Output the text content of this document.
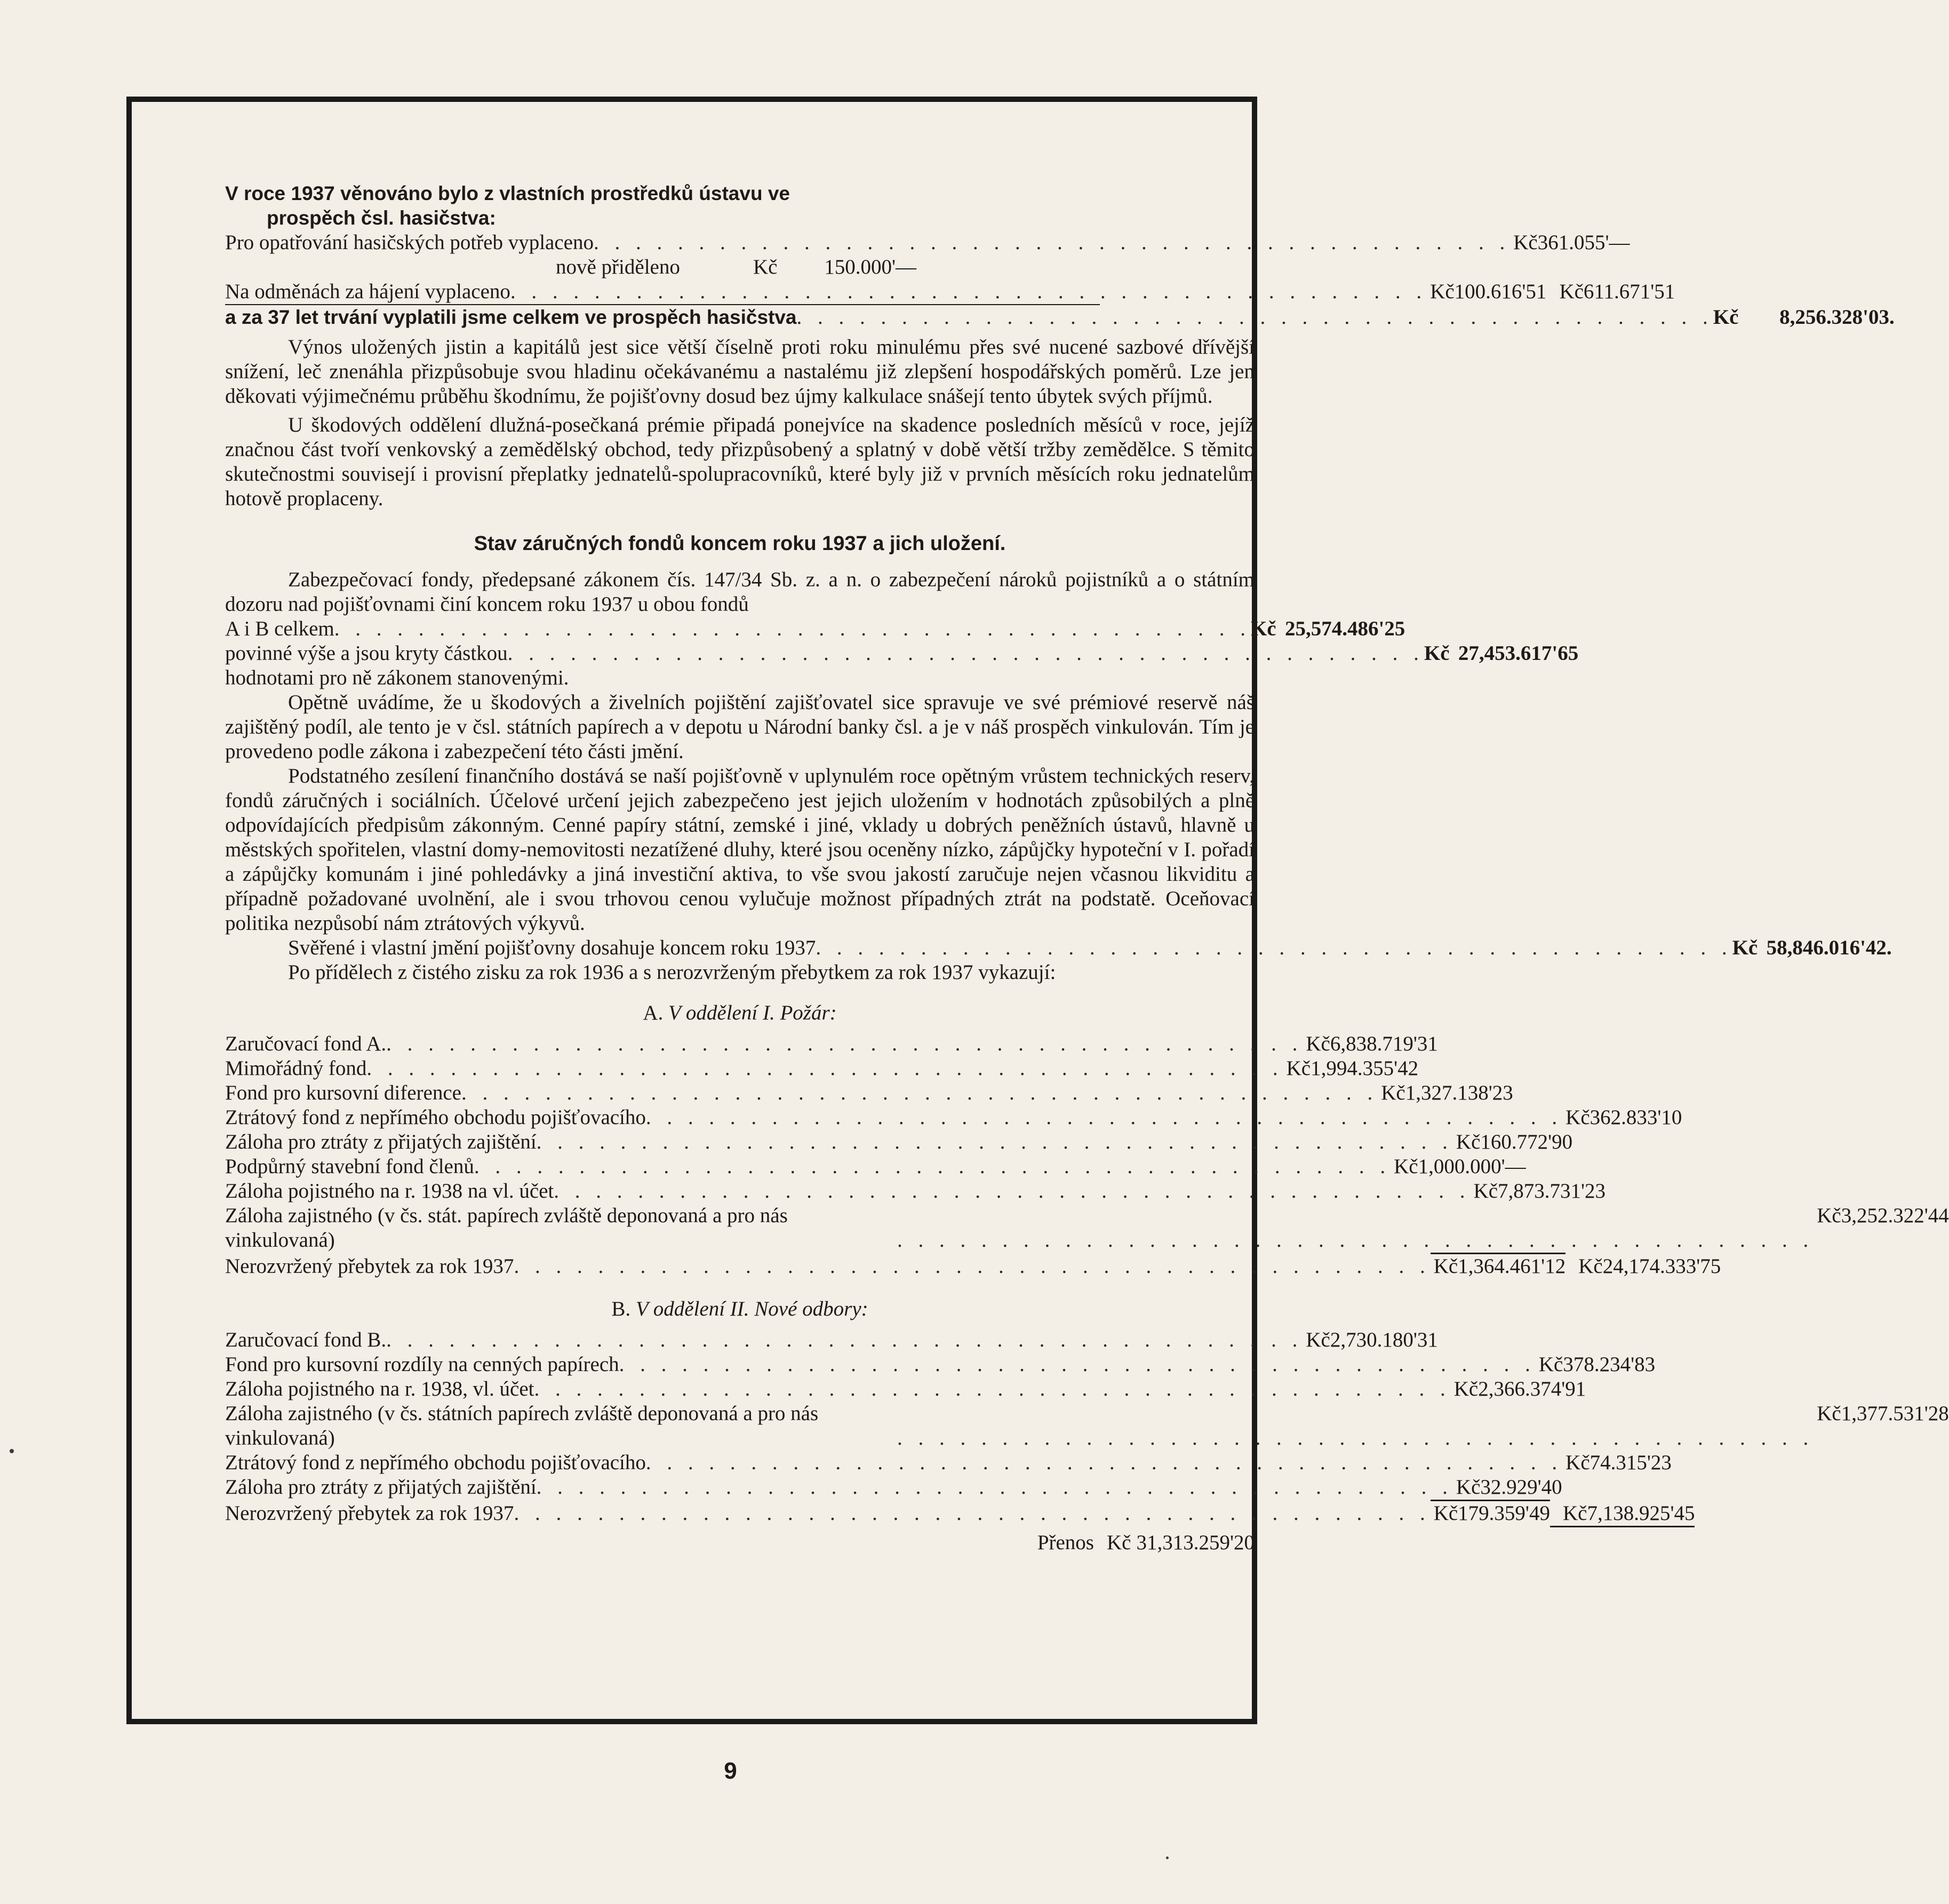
V roce 1937 věnováno bylo z vlastních prostředků ústavu ve
prospěch čsl. hasičstva:
Pro opatřování hasičských potřeb vyplaceno . . . . . . . . . . . . . . . . . . . . . . . . . . . . . . . . . . . . . . . . . . . . Kč 361.055'—
nově přiděleno	Kč	150.000'—
Na odměnách za hájení vyplaceno . . . . . . . . . . . . . . . . . . . . . . . . . . . . . . . . . . . . . . . . . . . . Kč 100.616'51 Kč 611.671'51
a za 37 let trvání vyplatili jsme celkem ve prospěch hasičstva . . . . . . . . . . . . . . . . . . . . . . . . . . . . . . . . . . . . . . . . . . . . Kč	8,256.328'03.

Výnos uložených jistin a kapitálů jest sice větší číselně proti roku minulému přes své nucené sazbové dřívější snížení, leč znenáhla přizpůsobuje svou hladinu očekávanému a nastalému již zlepšení hospodářských poměrů. Lze jen děkovati výjimečnému průběhu škodnímu, že pojišťovny dosud bez újmy kalkulace snášejí tento úbytek svých příjmů.

U škodových oddělení dlužná-posečkaná prémie připadá ponejvíce na skadence posledních měsíců v roce, jejíž značnou část tvoří venkovský a zemědělský obchod, tedy přizpůsobený a splatný v době větší tržby zemědělce. S těmito skutečnostmi souvisejí i provisní přeplatky jednatelů-spolupracovníků, které byly již v prvních měsících roku jednatelům hotově proplaceny.

Stav záručných fondů koncem roku 1937 a jich uložení.

Zabezpečovací fondy, předepsané zákonem čís. 147/34 Sb. z. a n. o zabezpečení nároků pojistníků a o státním dozoru nad pojišťovnami činí koncem roku 1937 u obou fondů

A i B celkem . . . . . . . . . . . . . . . . . . . . . . . . . . . . . . . . . . . . . . . . . . . . Kč 25,574.486'25
povinné výše a jsou kryty částkou . . . . . . . . . . . . . . . . . . . . . . . . . . . . . . . . . . . . . . . . . . . . Kč 27,453.617'65
hodnotami pro ně zákonem stanovenými.

Opětně uvádíme, že u škodových a živelních pojištění zajišťovatel sice spravuje ve své prémiové reservě náš zajištěný podíl, ale tento je v čsl. státních papírech a v depotu u Národní banky čsl. a je v náš prospěch vinkulován. Tím je provedeno podle zákona i zabezpečení této části jmění.

Podstatného zesílení finančního dostává se naší pojišťovně v uplynulém roce opětným vrůstem technických reserv, fondů záručných i sociálních. Účelové určení jejich zabezpečeno jest jejich uložením v hodnotách způsobilých a plně odpovídajících předpisům zákonným. Cenné papíry státní, zemské i jiné, vklady u dobrých peněžních ústavů, hlavně u městských spořitelen, vlastní domy-nemovitosti nezatížené dluhy, které jsou oceněny nízko, zápůjčky hypoteční v I. pořadí a zápůjčky komunám i jiné pohledávky a jiná investiční aktiva, to vše svou jakostí zaručuje nejen včasnou likviditu a případně požadované uvolnění, ale i svou trhovou cenou vylučuje možnost případných ztrát na podstatě. Oceňovací politika nezpůsobí nám ztrátových výkyvů.

Svěřené i vlastní jmění pojišťovny dosahuje koncem roku 1937 . . . . . . . . . . . . . . . . . . . . . . . . . . . . . . . . . . . . . . . . . . . . Kč 58,846.016'42.

Po přídělech z čistého zisku za rok 1936 a s nerozvrženým přebytkem za rok 1937 vykazují:

A. V oddělení I. Požár:
Zaručovací fond A. . . . . . . . . . . . . . . . . . . . . . . . . . . . . . . . . . . . . . . . . . . . . Kč 6,838.719'31
Mimořádný fond . . . . . . . . . . . . . . . . . . . . . . . . . . . . . . . . . . . . . . . . . . . . Kč 1,994.355'42
Fond pro kursovní diference . . . . . . . . . . . . . . . . . . . . . . . . . . . . . . . . . . . . . . . . . . . . Kč 1,327.138'23
Ztrátový fond z nepřímého obchodu pojišťovacího . . . . . . . . . . . . . . . . . . . . . . . . . . . . . . . . . . . . . . . . . . . . Kč 362.833'10
Záloha pro ztráty z přijatých zajištění . . . . . . . . . . . . . . . . . . . . . . . . . . . . . . . . . . . . . . . . . . . . Kč 160.772'90
Podpůrný stavební fond členů . . . . . . . . . . . . . . . . . . . . . . . . . . . . . . . . . . . . . . . . . . . . Kč 1,000.000'—
Záloha pojistného na r. 1938 na vl. účet . . . . . . . . . . . . . . . . . . . . . . . . . . . . . . . . . . . . . . . . . . . . Kč 7,873.731'23
Záloha zajistného (v čs. stát. papírech zvláště deponovaná a pro nás vinkulovaná)	. . . . . . . . . . . . . . . . . . . . . . . . . . . . . . . . . . . . . . . . . . . .
Kč 3,252.322'44
Nerozvržený přebytek za rok 1937 . . . . . . . . . . . . . . . . . . . . . . . . . . . . . . . . . . . . . . . . . . . . Kč 1,364.461'12 Kč 24,174.333'75
B. V oddělení II. Nové odbory:
Zaručovací fond B. . . . . . . . . . . . . . . . . . . . . . . . . . . . . . . . . . . . . . . . . . . . . Kč 2,730.180'31
Fond pro kursovní rozdíly na cenných papírech . . . . . . . . . . . . . . . . . . . . . . . . . . . . . . . . . . . . . . . . . . . . Kč 378.234'83
Záloha pojistného na r. 1938, vl. účet . . . . . . . . . . . . . . . . . . . . . . . . . . . . . . . . . . . . . . . . . . . . Kč 2,366.374'91
Záloha zajistného (v čs. státních papírech zvláště deponovaná a pro nás vinkulovaná)	. . . . . . . . . . . . . . . . . . . . . . . . . . . . . . . . . . . . . . . . . . . .
Kč 1,377.531'28
Ztrátový fond z nepřímého obchodu pojišťovacího . . . . . . . . . . . . . . . . . . . . . . . . . . . . . . . . . . . . . . . . . . . . Kč 74.315'23
Záloha pro ztráty z přijatých zajištění . . . . . . . . . . . . . . . . . . . . . . . . . . . . . . . . . . . . . . . . . . . . Kč 32.929'40
Nerozvržený přebytek za rok 1937 . . . . . . . . . . . . . . . . . . . . . . . . . . . . . . . . . . . . . . . . . . . . Kč 179.359'49 Kč 7,138.925'45
Přenos Kč 31,313.259'20
9
